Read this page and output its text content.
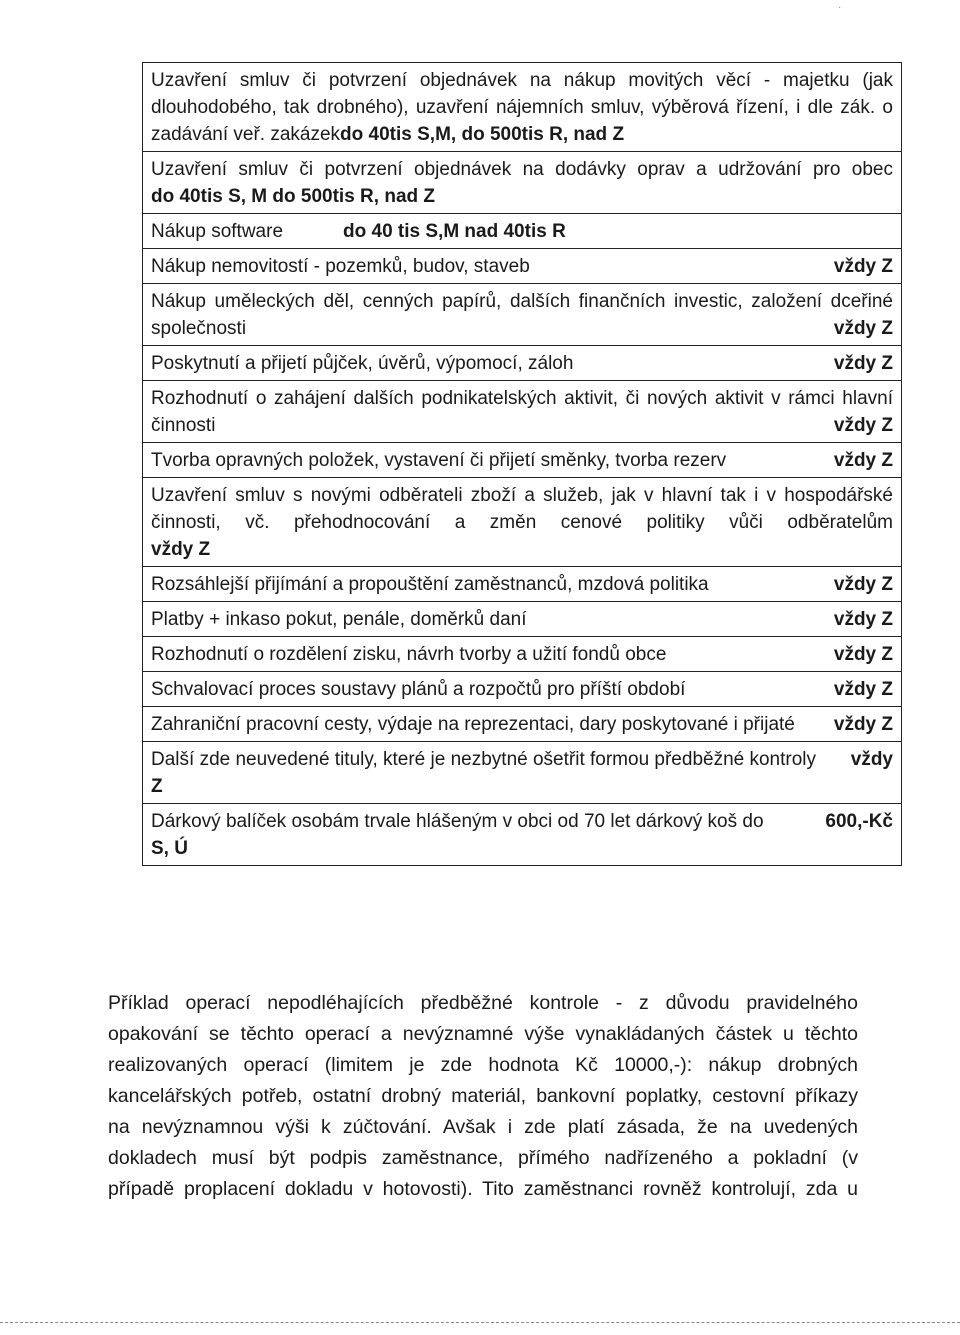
·
Uzavření smluv či potvrzení objednávek na nákup movitých věcí - majetku (jak
dlouhodobého, tak drobného), uzavření nájemních smluv, výběrová řízení, i dle zák. o
zadávání veř. zakázek do 40tis S,M, do 500tis R, nad Z
Uzavření smluv či potvrzení objednávek na dodávky oprav a udržování pro obec
do 40tis S, M do 500tis R, nad Z
Nákup software	do 40 tis S,M nad 40tis R
Nákup nemovitostí - pozemků, budov, staveb	vždy Z
Nákup uměleckých děl, cenných papírů, dalších finančních investic, založení dceřiné
společnosti	vždy Z
Poskytnutí a přijetí půjček, úvěrů, výpomocí, záloh	vždy Z
Rozhodnutí o zahájení dalších podnikatelských aktivit, či nových aktivit v rámci hlavní
činnosti	vždy Z
Tvorba opravných položek, vystavení či přijetí směnky, tvorba rezerv	vždy Z
Uzavření smluv s novými odběrateli zboží a služeb, jak v hlavní tak i v hospodářské
činnosti, vč. přehodnocování a změn cenové politiky vůči odběratelům
vždy Z
Rozsáhlejší přijímání a propouštění zaměstnanců, mzdová politika	vždy Z
Platby + inkaso pokut, penále, doměrků daní	vždy Z
Rozhodnutí o rozdělení zisku, návrh tvorby a užití fondů obce	vždy Z
Schvalovací proces soustavy plánů a rozpočtů pro příští období	vždy Z
Zahraniční pracovní cesty, výdaje na reprezentaci, dary poskytované i přijaté vždy Z
Další zde neuvedené tituly, které je nezbytné ošetřit formou předběžné kontroly vždy
Z
Dárkový balíček osobám trvale hlášeným v obci od 70 let dárkový koš do	600,-Kč
S, Ú

Příklad operací nepodléhajících předběžné kontrole - z důvodu pravidelného

opakování se těchto operací a nevýznamné výše vynakládaných částek u těchto

realizovaných operací (limitem je zde hodnota Kč 10000,-): nákup drobných

kancelářských potřeb, ostatní drobný materiál, bankovní poplatky, cestovní příkazy

na nevýznamnou výši k zúčtování. Avšak i zde platí zásada, že na uvedených

dokladech musí být podpis zaměstnance, přímého nadřízeného a pokladní (v

případě proplacení dokladu v hotovosti). Tito zaměstnanci rovněž kontrolují, zda u
